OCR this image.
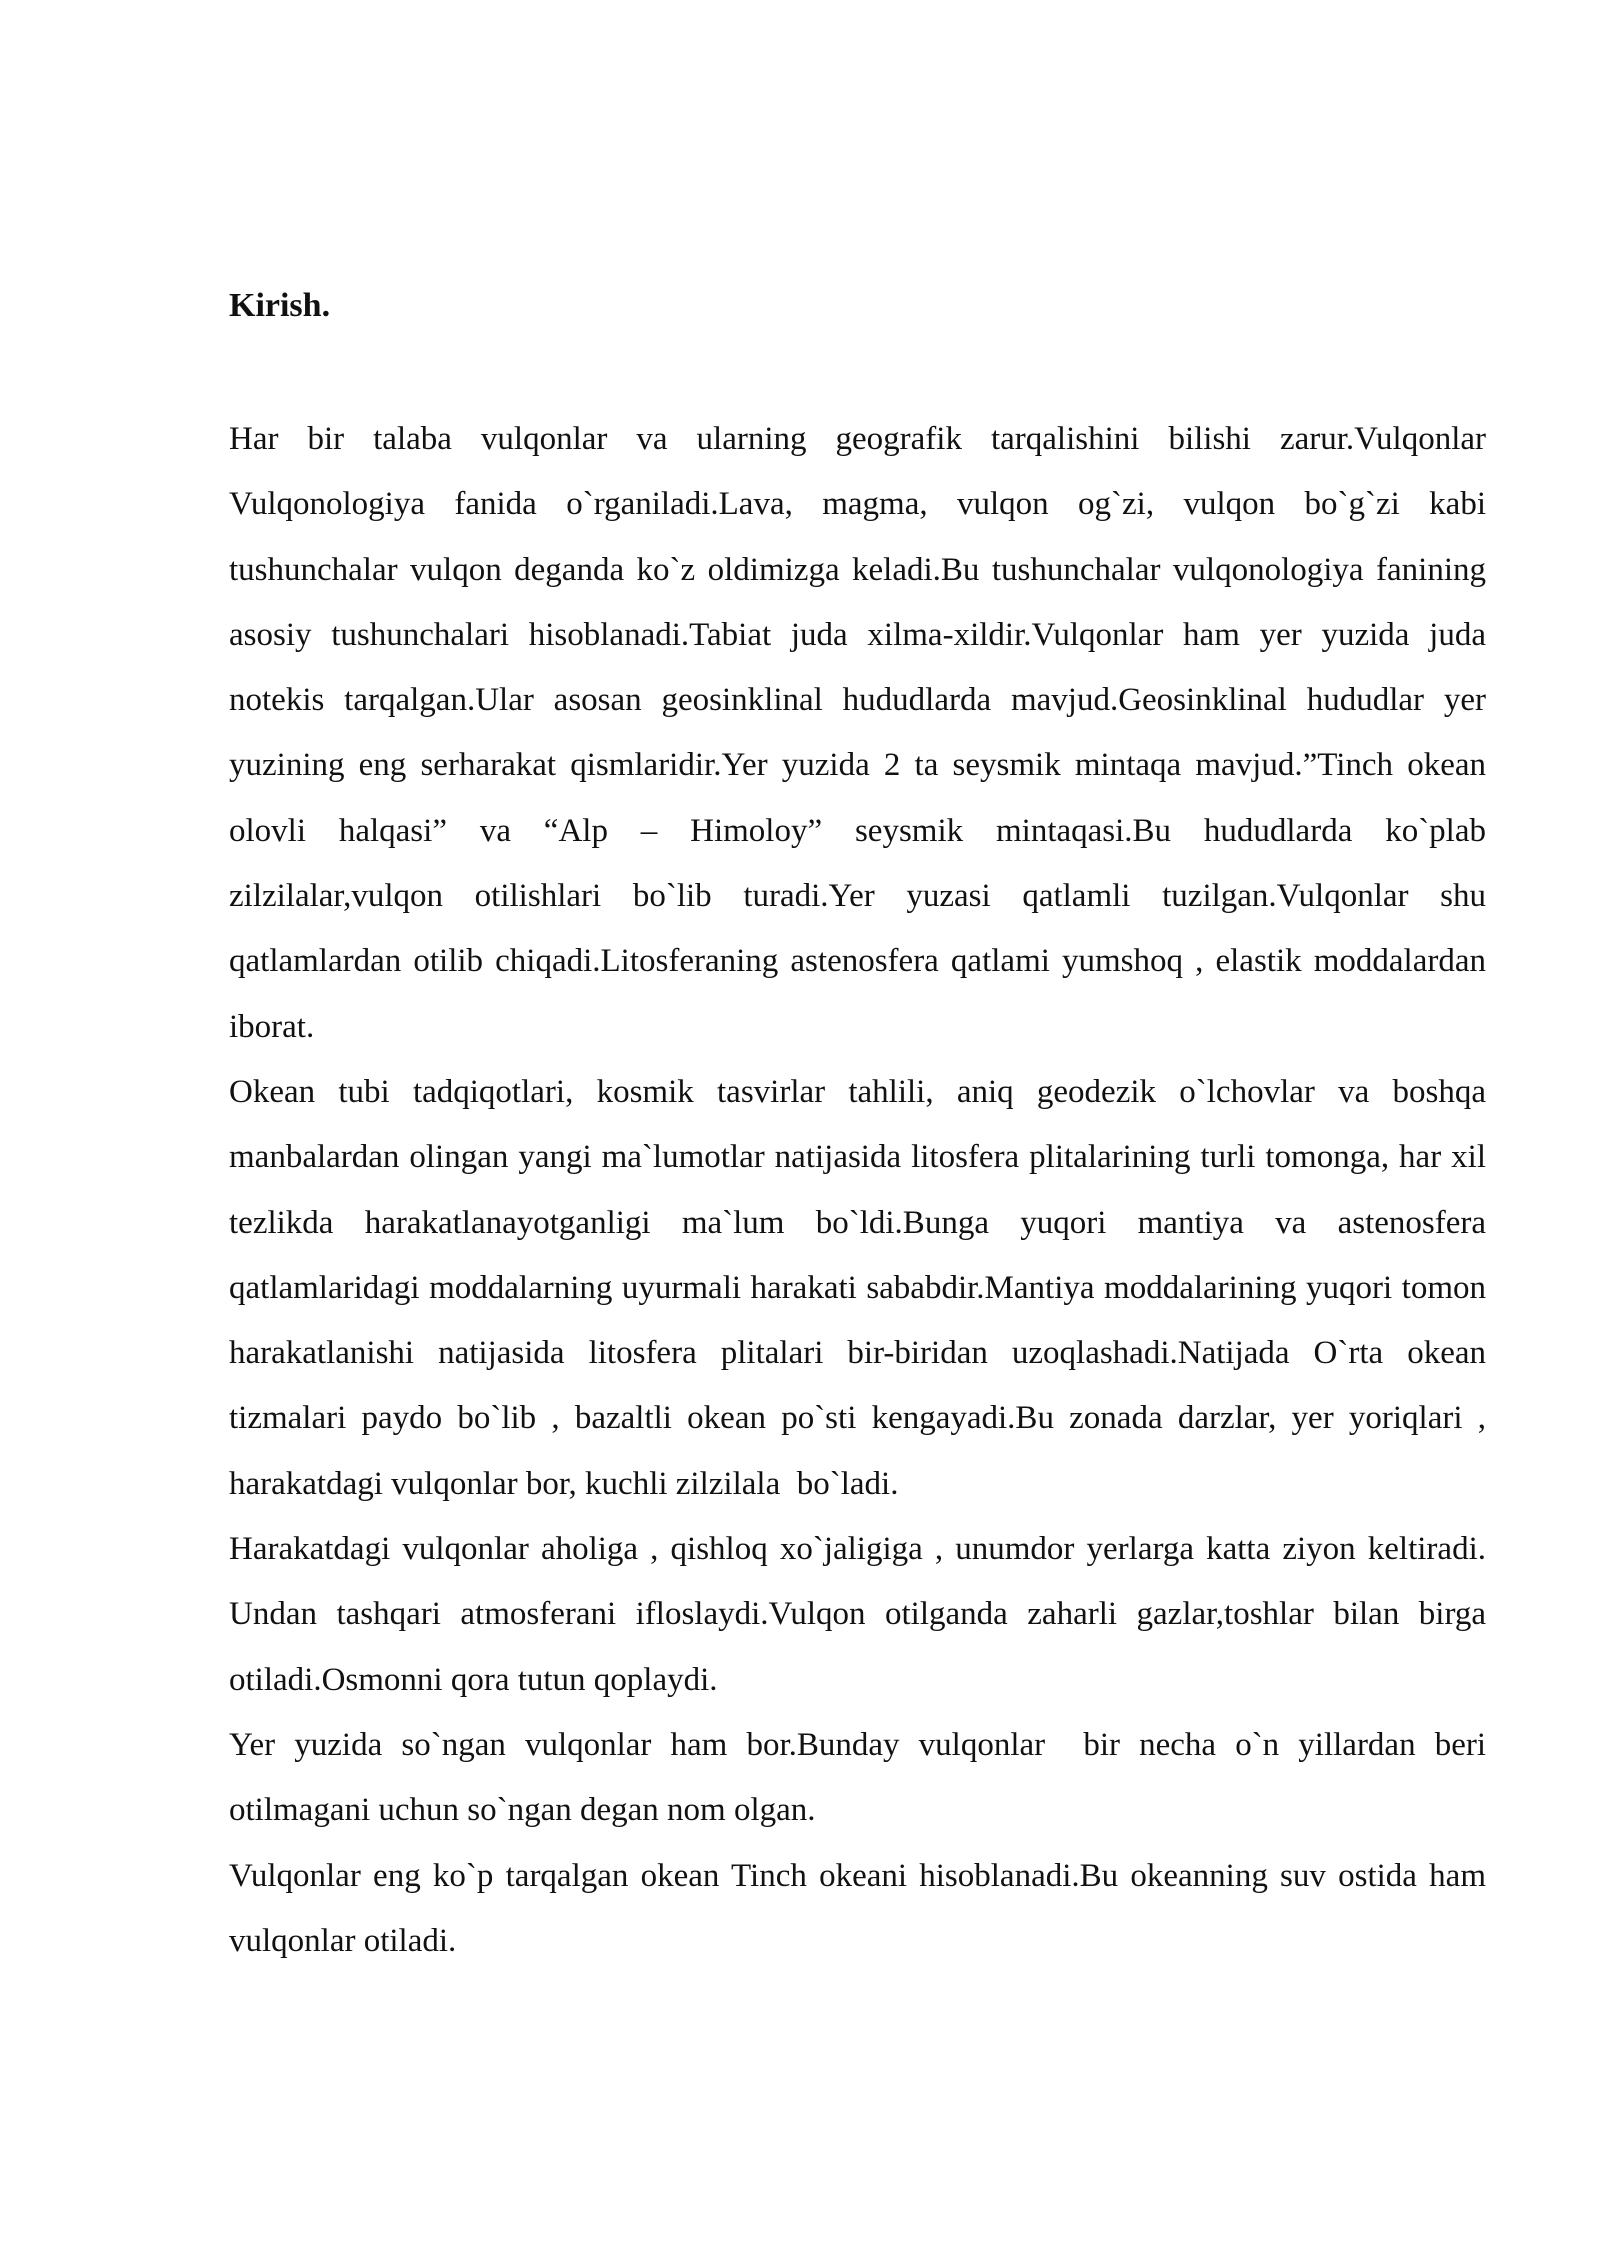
Kirish.

Har bir talaba vulqonlar va ularning geografik tarqalishini bilishi zarur.Vulqonlar Vulqonologiya fanida o`rganiladi.Lava, magma, vulqon og`zi, vulqon bo`g`zi kabi tushunchalar vulqon deganda ko`z oldimizga keladi.Bu tushunchalar vulqonologiya fanining asosiy tushunchalari hisoblanadi.Tabiat juda xilma-xildir.Vulqonlar ham yer yuzida juda notekis tarqalgan.Ular asosan geosinklinal hududlarda mavjud.Geosinklinal hududlar yer yuzining eng serharakat qismlaridir.Yer yuzida 2 ta seysmik mintaqa mavjud.”Tinch okean olovli halqasi” va “Alp – Himoloy” seysmik mintaqasi.Bu hududlarda ko`plab zilzilalar,vulqon otilishlari bo`lib turadi.Yer yuzasi qatlamli tuzilgan.Vulqonlar shu qatlamlardan otilib chiqadi.Litosferaning astenosfera qatlami yumshoq , elastik moddalardan iborat.

Okean tubi tadqiqotlari, kosmik tasvirlar tahlili, aniq geodezik o`lchovlar va boshqa manbalardan olingan yangi ma`lumotlar natijasida litosfera plitalarining turli tomonga, har xil tezlikda harakatlanayotganligi ma`lum bo`ldi.Bunga yuqori mantiya va astenosfera qatlamlaridagi moddalarning uyurmali harakati sababdir.Mantiya moddalarining yuqori tomon harakatlanishi natijasida litosfera plitalari bir-biridan uzoqlashadi.Natijada O`rta okean tizmalari paydo bo`lib , bazaltli okean po`sti kengayadi.Bu zonada darzlar, yer yoriqlari , harakatdagi vulqonlar bor, kuchli zilzilala  bo`ladi.

Harakatdagi vulqonlar aholiga , qishloq xo`jaligiga , unumdor yerlarga katta ziyon keltiradi. Undan tashqari atmosferani ifloslaydi.Vulqon otilganda zaharli gazlar,toshlar bilan birga otiladi.Osmonni qora tutun qoplaydi.

Yer yuzida so`ngan vulqonlar ham bor.Bunday vulqonlar  bir necha o`n yillardan beri otilmagani uchun so`ngan degan nom olgan.

Vulqonlar eng ko`p tarqalgan okean Tinch okeani hisoblanadi.Bu okeanning suv ostida ham vulqonlar otiladi.
